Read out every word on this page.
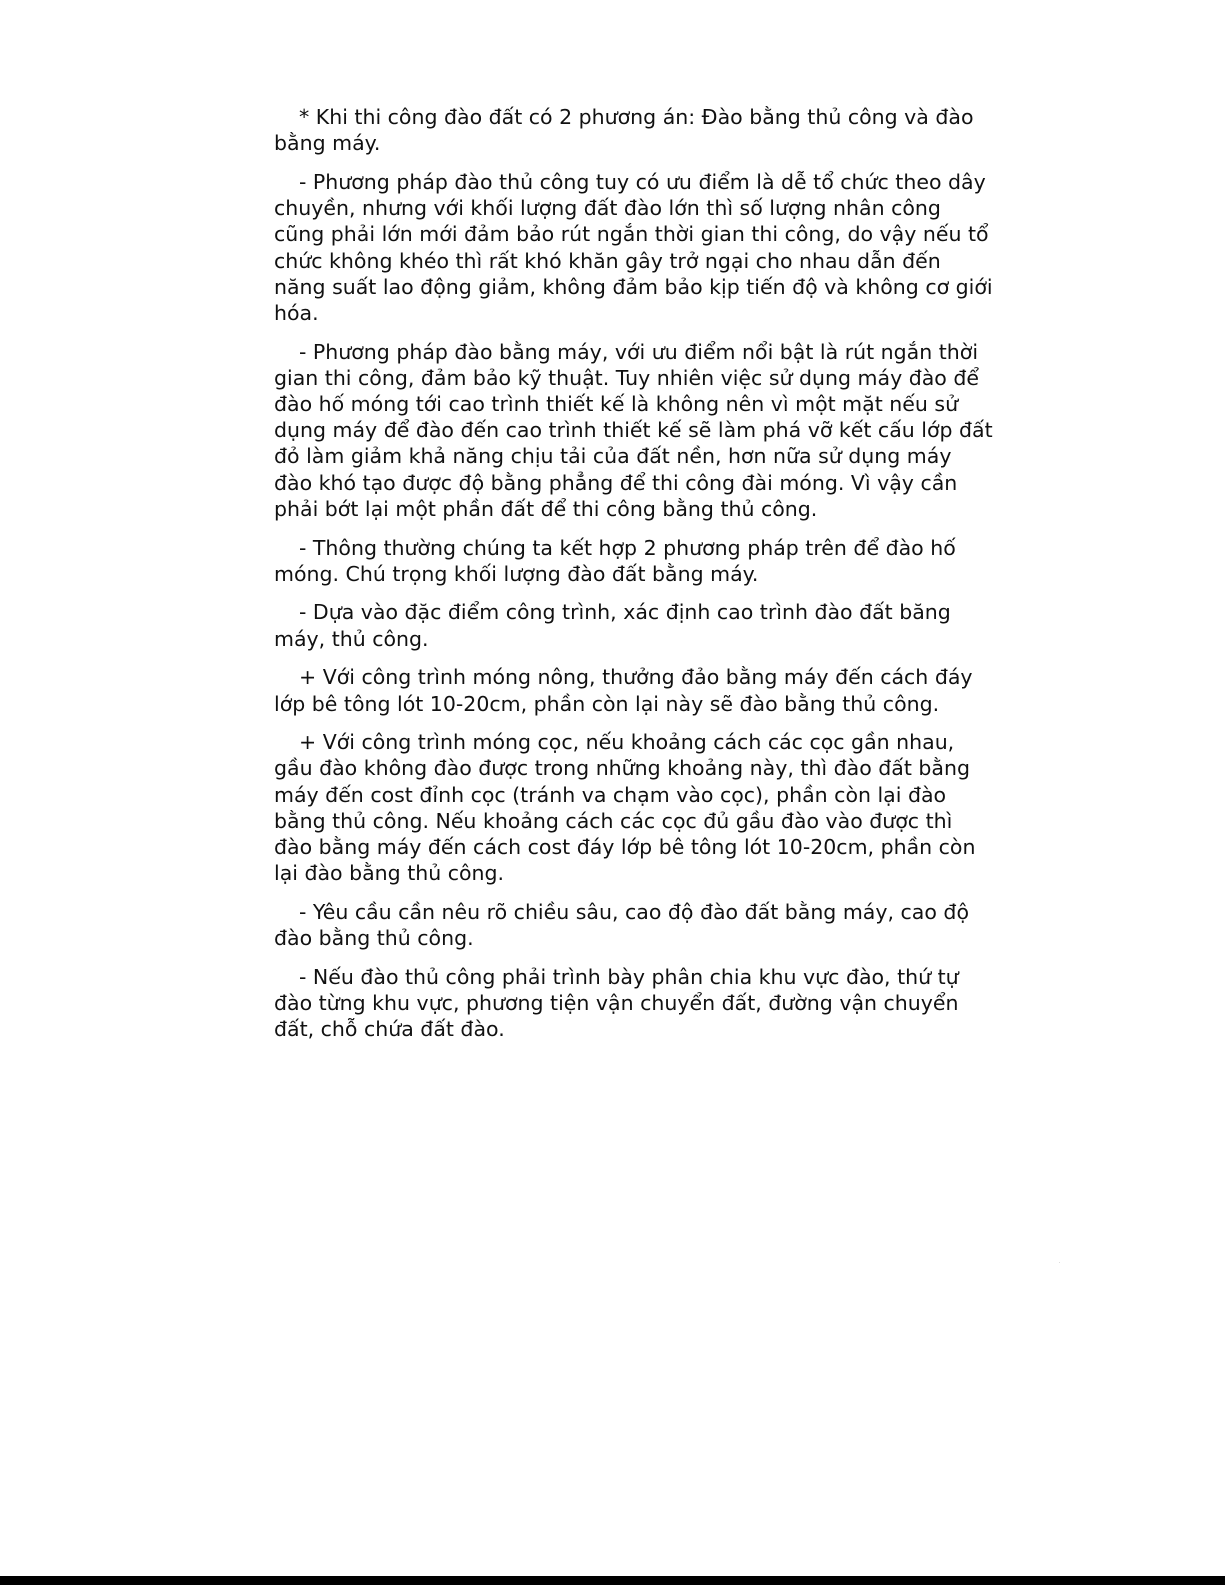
* Khi thi công đào đất có 2 phương án: Đào bằng thủ công và đào bằng máy.

- Phương pháp đào thủ công tuy có ưu điểm là dễ tổ chức theo dây chuyền, nhưng với khối lượng đất đào lớn thì số lượng nhân công cũng phải lớn mới đảm bảo rút ngắn thời gian thi công, do vậy nếu tổ chức không khéo thì rất khó khăn gây trở ngại cho nhau dẫn đến năng suất lao động giảm, không đảm bảo kịp tiến độ và không cơ giới hóa.

- Phương pháp đào bằng máy, với ưu điểm nổi bật là rút ngắn thời gian thi công, đảm bảo kỹ thuật. Tuy nhiên việc sử dụng máy đào để đào hố móng tới cao trình thiết kế là không nên vì một mặt nếu sử dụng máy để đào đến cao trình thiết kế sẽ làm phá vỡ kết cấu lớp đất đỏ làm giảm khả năng chịu tải của đất nền, hơn nữa sử dụng máy đào khó tạo được độ bằng phẳng để thi công đài móng. Vì vậy cần phải bớt lại một phần đất để thi công bằng thủ công.

- Thông thường chúng ta kết hợp 2 phương pháp trên để đào hố móng. Chú trọng khối lượng đào đất bằng máy.

- Dựa vào đặc điểm công trình, xác định cao trình đào đất băng máy, thủ công.

+ Với công trình móng nông, thưởng đảo bằng máy đến cách đáy lớp bê tông lót 10-20cm, phần còn lại này sẽ đào bằng thủ công.

+ Với công trình móng cọc, nếu khoảng cách các cọc gần nhau, gầu đào không đào được trong những khoảng này, thì đào đất bằng máy đến cost đỉnh cọc (tránh va chạm vào cọc), phần còn lại đào bằng thủ công. Nếu khoảng cách các cọc đủ gầu đào vào được thì đào bằng máy đến cách cost đáy lớp bê tông lót 10-20cm, phần còn lại đào bằng thủ công.

- Yêu cầu cần nêu rõ chiều sâu, cao độ đào đất bằng máy, cao độ đào bằng thủ công.

- Nếu đào thủ công phải trình bày phân chia khu vực đào, thứ tự đào từng khu vực, phương tiện vận chuyển đất, đường vận chuyển đất, chỗ chứa đất đào.
